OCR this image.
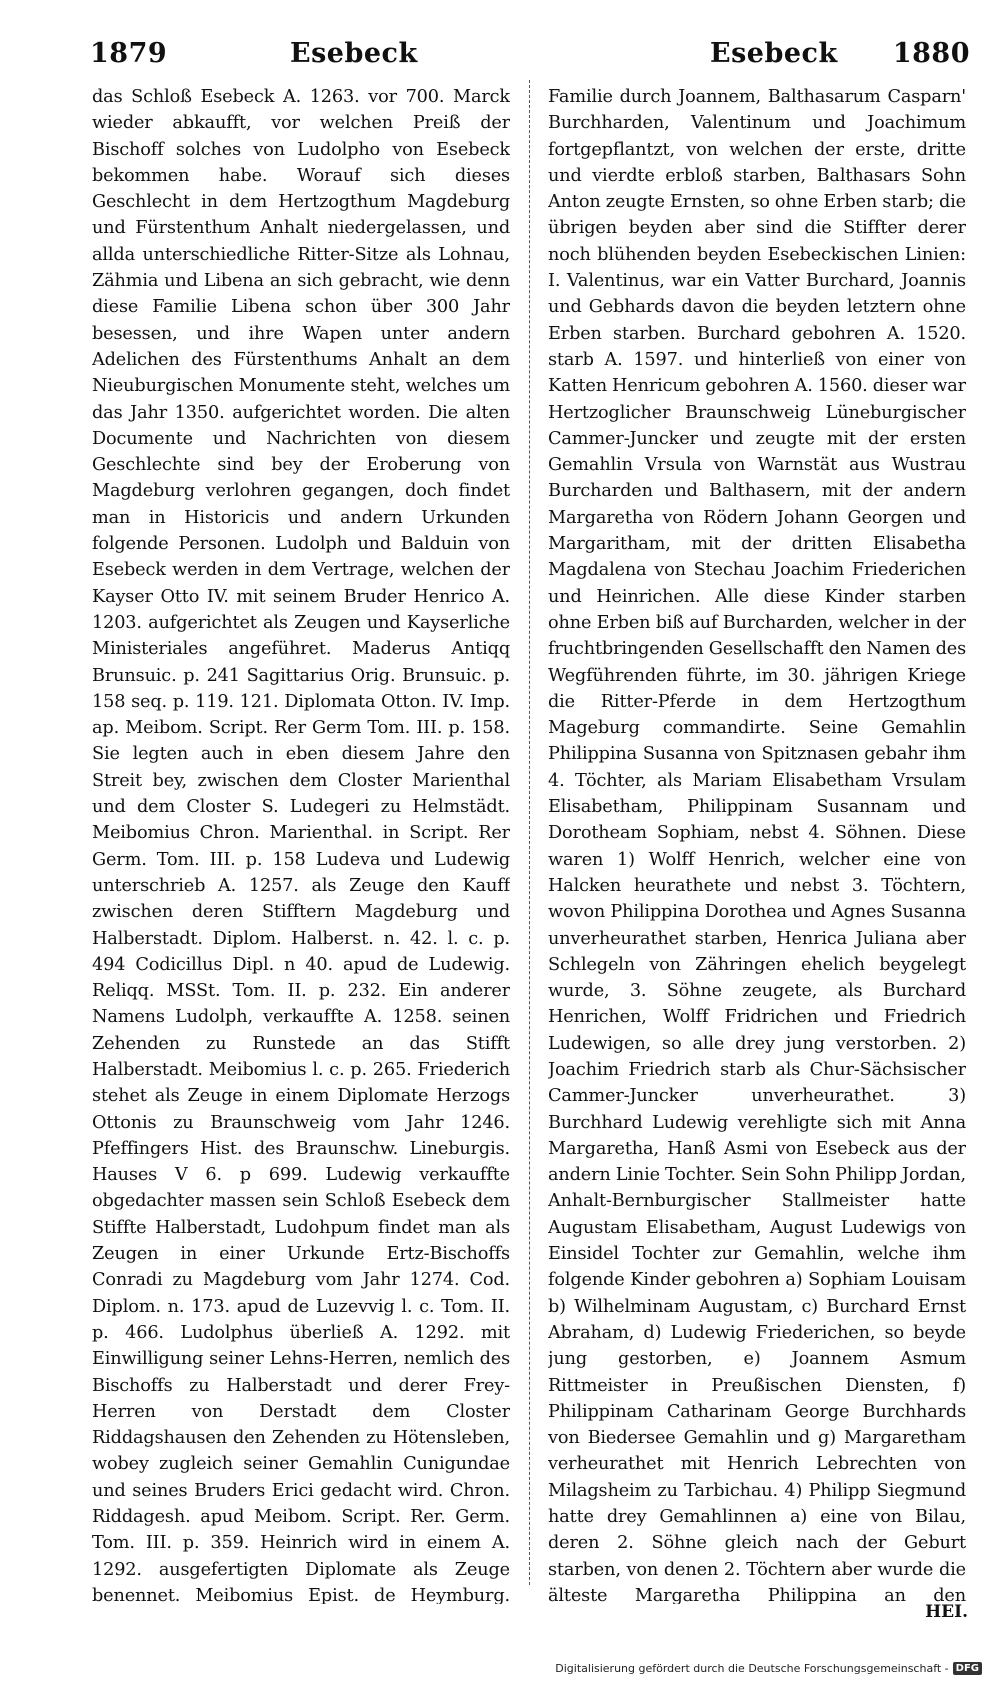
1879	Esebeck	Esebeck 1880

das Schloß Esebeck A. 1263. vor 700. Marck wieder abkaufft, vor welchen Preiß der Bischoff solches von Ludolpho von Esebeck bekommen habe. Worauf sich dieses Geschlecht in dem Hertzogthum Magdeburg und Fürstenthum Anhalt niedergelassen, und allda unterschiedliche Ritter-Sitze als Lohnau, Zähmia und Libena an sich gebracht, wie denn diese Familie Libena schon über 300 Jahr besessen, und ihre Wapen unter andern Adelichen des Fürstenthums Anhalt an dem Nieuburgischen Monumente steht, welches um das Jahr 1350. aufgerichtet worden. Die alten Documente und Nachrichten von diesem Geschlechte sind bey der Eroberung von Magdeburg verlohren gegangen, doch findet man in Historicis und andern Urkunden folgende Personen. Ludolph und Balduin von Esebeck werden in dem Vertrage, welchen der Kayser Otto IV. mit seinem Bruder Henrico A. 1203. aufgerichtet als Zeugen und Kayserliche Ministeriales angeführet. Maderus Antiqq Brunsuic. p. 241 Sagittarius Orig. Brunsuic. p. 158 seq. p. 119. 121. Diplomata Otton. IV. Imp. ap. Meibom. Script. Rer Germ Tom. III. p. 158. Sie legten auch in eben diesem Jahre den Streit bey, zwischen dem Closter Marienthal und dem Closter S. Ludegeri zu Helmstädt. Meibomius Chron. Marienthal. in Script. Rer Germ. Tom. III. p. 158 Ludeva und Ludewig unterschrieb A. 1257. als Zeuge den Kauff zwischen deren Stifftern Magdeburg und Halberstadt. Diplom. Halberst. n. 42. l. c. p. 494 Codicillus Dipl. n 40. apud de Ludewig. Reliqq. MSSt. Tom. II. p. 232. Ein anderer Namens Ludolph, verkauffte A. 1258. seinen Zehenden zu Runstede an das Stifft Halberstadt. Meibomius l. c. p. 265. Friederich stehet als Zeuge in einem Diplomate Herzogs Ottonis zu Braunschweig vom Jahr 1246. Pfeffingers Hist. des Braunschw. Lineburgis. Hauses V 6. p 699. Ludewig verkauffte obgedachter massen sein Schloß Esebeck dem Stiffte Halberstadt, Ludohpum findet man als Zeugen in einer Urkunde Ertz-Bischoffs Conradi zu Magdeburg vom Jahr 1274. Cod. Diplom. n. 173. apud de Luzevvig l. c. Tom. II. p. 466. Ludolphus überließ A. 1292. mit Einwilligung seiner Lehns-Herren, nemlich des Bischoffs zu Halberstadt und derer Frey-Herren von Derstadt dem Closter Riddagshausen den Zehenden zu Hötensleben, wobey zugleich seiner Gemahlin Cunigundae und seines Bruders Erici gedacht wird. Chron. Riddagesh. apud Meibom. Script. Rer. Germ. Tom. III. p. 359. Heinrich wird in einem A. 1292. ausgefertigten Diplomate als Zeuge benennet. Meibomius Epist. de Heymburg.

Familie durch Joannem, Balthasarum Casparn' Burchharden, Valentinum und Joachimum fortgepflantzt, von welchen der erste, dritte und vierdte erbloß starben, Balthasars Sohn Anton zeugte Ernsten, so ohne Erben starb; die übrigen beyden aber sind die Stiffter derer noch blühenden beyden Esebeckischen Linien: I. Valentinus, war ein Vatter Burchard, Joannis und Gebhards davon die beyden letztern ohne Erben starben. Burchard gebohren A. 1520. starb A. 1597. und hinterließ von einer von Katten Henricum gebohren A. 1560. dieser war Hertzoglicher Braunschweig Lüneburgischer Cammer-Juncker und zeugte mit der ersten Gemahlin Vrsula von Warnstät aus Wustrau Burcharden und Balthasern, mit der andern Margaretha von Rödern Johann Georgen und Margaritham, mit der dritten Elisabetha Magdalena von Stechau Joachim Friederichen und Heinrichen. Alle diese Kinder starben ohne Erben biß auf Burcharden, welcher in der fruchtbringenden Gesellschafft den Namen des Wegführenden führte, im 30. jährigen Kriege die Ritter-Pferde in dem Hertzogthum Mageburg commandirte. Seine Gemahlin Philippina Susanna von Spitznasen gebahr ihm 4. Töchter, als Mariam Elisabetham Vrsulam Elisabetham, Philippinam Susannam und Dorotheam Sophiam, nebst 4. Söhnen. Diese waren 1) Wolff Henrich, welcher eine von Halcken heurathete und nebst 3. Töchtern, wovon Philippina Dorothea und Agnes Susanna unverheurathet starben, Henrica Juliana aber Schlegeln von Zähringen ehelich beygelegt wurde, 3. Söhne zeugete, als Burchard Henrichen, Wolff Fridrichen und Friedrich Ludewigen, so alle drey jung verstorben. 2) Joachim Friedrich starb als Chur-Sächsischer Cammer-Juncker unverheurathet. 3) Burchhard Ludewig verehligte sich mit Anna Margaretha, Hanß Asmi von Esebeck aus der andern Linie Tochter. Sein Sohn Philipp Jordan, Anhalt-Bernburgischer Stallmeister hatte Augustam Elisabetham, August Ludewigs von Einsidel Tochter zur Gemahlin, welche ihm folgende Kinder gebohren a) Sophiam Louisam b) Wilhelminam Augustam, c) Burchard Ernst Abraham, d) Ludewig Friederichen, so beyde jung gestorben, e) Joannem Asmum Rittmeister in Preußischen Diensten, f) Philippinam Catharinam George Burchhards von Biedersee Gemahlin und g) Margaretham verheurathet mit Henrich Lebrechten von Milagsheim zu Tarbichau. 4) Philipp Siegmund hatte drey Gemahlinnen a) eine von Bilau, deren 2. Söhne gleich nach der Geburt starben, von denen 2. Töchtern aber wurde die älteste Margaretha Philippina an den

HEI.
Digitalisierung gefördert durch die Deutsche Forschungsgemeinschaft - DFG
